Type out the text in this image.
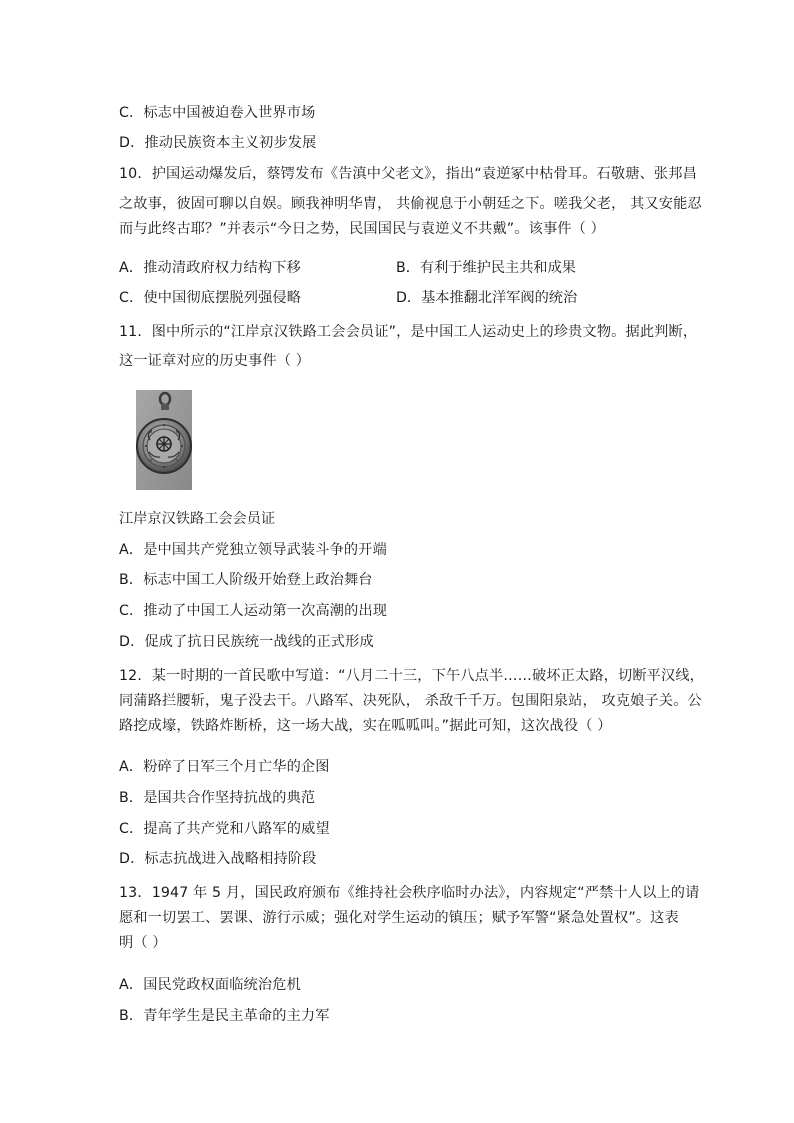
C．标志中国被迫卷入世界市场
D．推动民族资本主义初步发展
10．护国运动爆发后，蔡锷发布《告滇中父老文》，指出“袁逆冢中枯骨耳。石敬瑭、张邦昌
之故事，彼固可聊以自娱。顾我神明华胄， 共偷视息于小朝廷之下。嗟我父老， 其又安能忍
而与此终古耶？”并表示“今日之势，民国国民与袁逆义不共戴”。该事件（ ）
A．推动清政府权力结构下移	B．有利于维护民主共和成果
C．使中国彻底摆脱列强侵略	D．基本推翻北洋军阀的统治
11．图中所示的“江岸京汉铁路工会会员证”，是中国工人运动史上的珍贵文物。据此判断，
这一证章对应的历史事件（ ）
江岸京汉铁路工会会员证
A．是中国共产党独立领导武装斗争的开端
B．标志中国工人阶级开始登上政治舞台
C．推动了中国工人运动第一次高潮的出现
D．促成了抗日民族统一战线的正式形成
12．某一时期的一首民歌中写道：“八月二十三，下午八点半……破坏正太路，切断平汉线，
同蒲路拦腰斩，鬼子没去干。八路军、决死队， 杀敌千千万。包围阳泉站， 攻克娘子关。公
路挖成壕，铁路炸断桥，这一场大战，实在呱呱叫。”据此可知，这次战役（ ）
A．粉碎了日军三个月亡华的企图
B．是国共合作坚持抗战的典范
C．提高了共产党和八路军的威望
D．标志抗战进入战略相持阶段
13．1947 年 5 月，国民政府颁布《维持社会秩序临时办法》，内容规定“严禁十人以上的请
愿和一切罢工、罢课、游行示威；强化对学生运动的镇压；赋予军警“紧急处置权”。这表
明（ ）
A．国民党政权面临统治危机
B．青年学生是民主革命的主力军
